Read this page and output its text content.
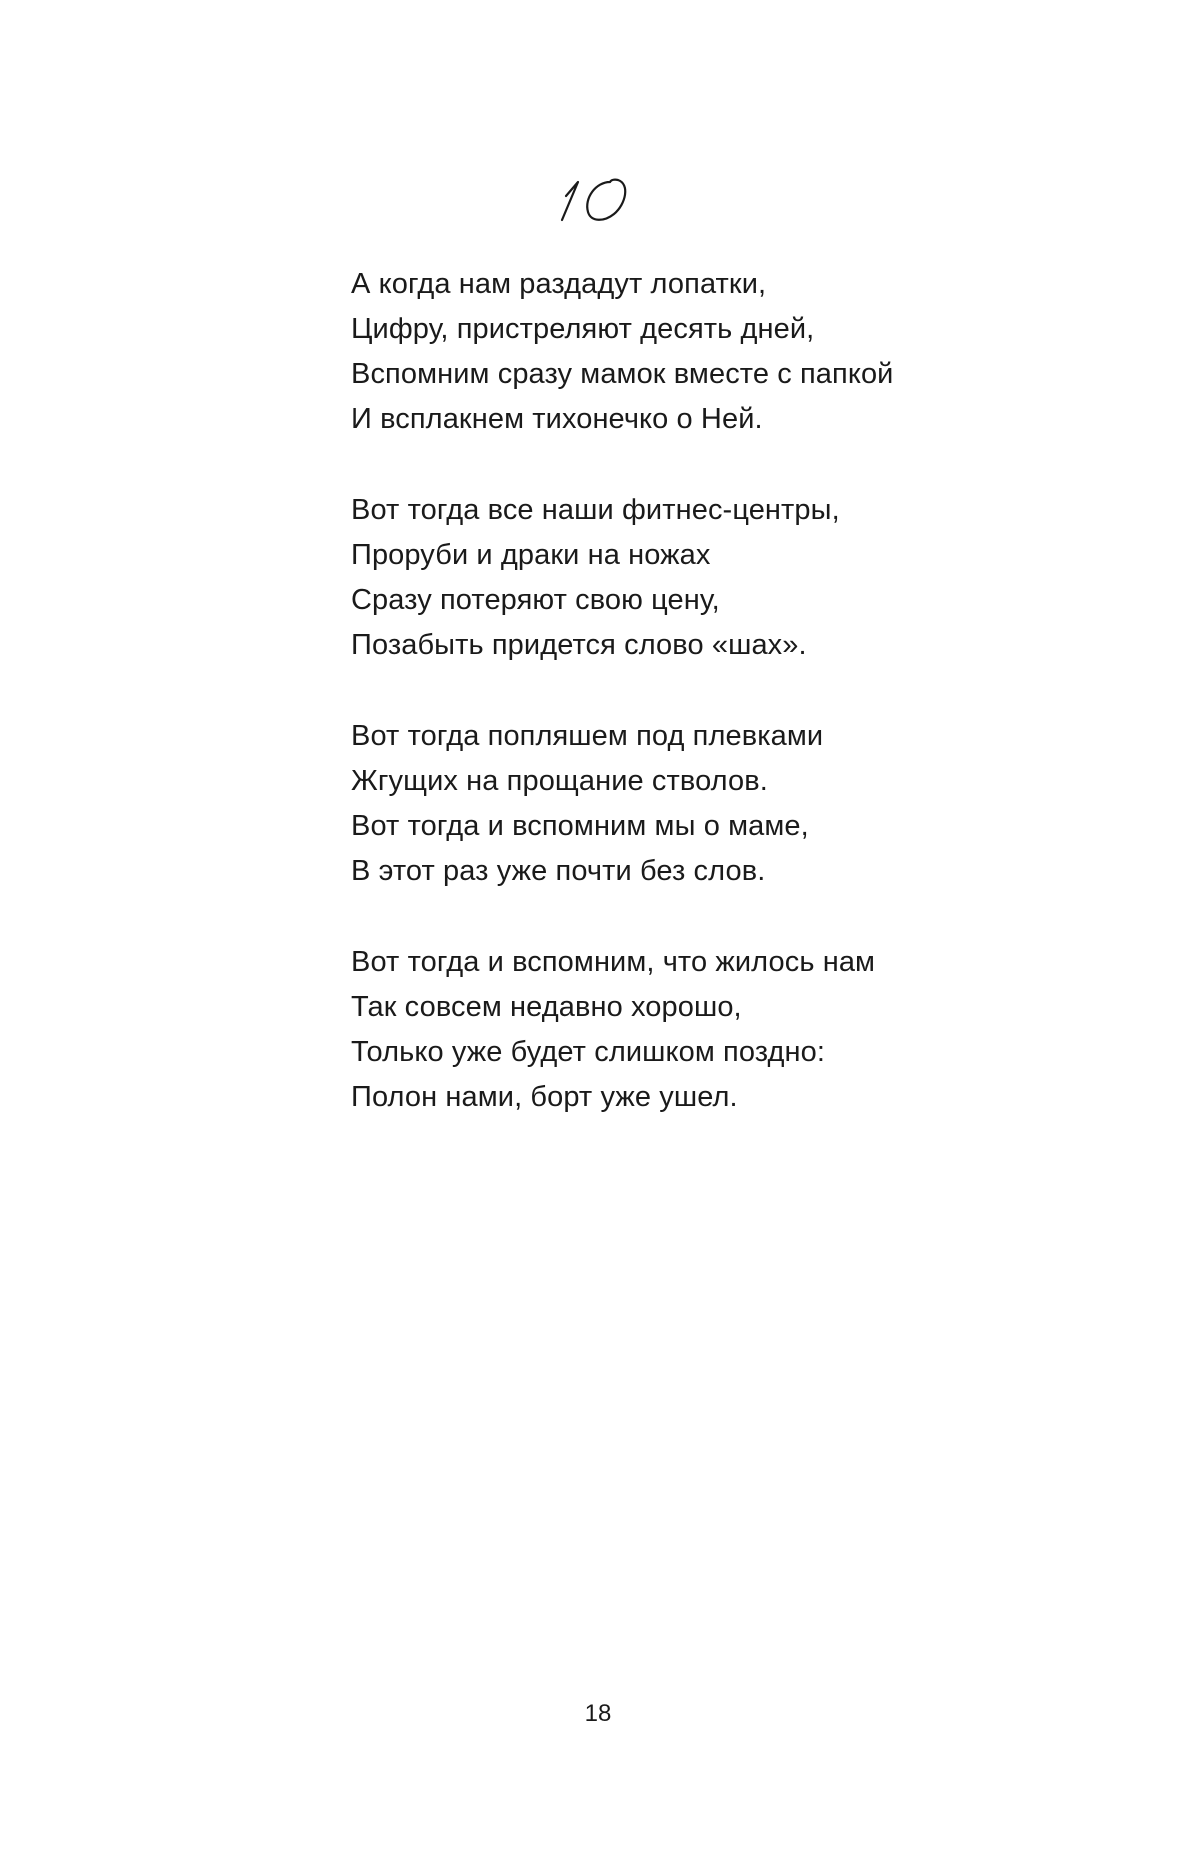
А когда нам раздадут лопатки,
Цифру, пристреляют десять дней,
Вспомним сразу мамок вместе с папкой
И всплакнем тихонечко о Ней.
Вот тогда все наши фитнес-центры,
Проруби и драки на ножах
Сразу потеряют свою цену,
Позабыть придется слово «шах».
Вот тогда попляшем под плевками
Жгущих на прощание стволов.
Вот тогда и вспомним мы о маме,
В этот раз уже почти без слов.
Вот тогда и вспомним, что жилось нам
Так совсем недавно хорошо,
Только уже будет слишком поздно:
Полон нами, борт уже ушел.
18
